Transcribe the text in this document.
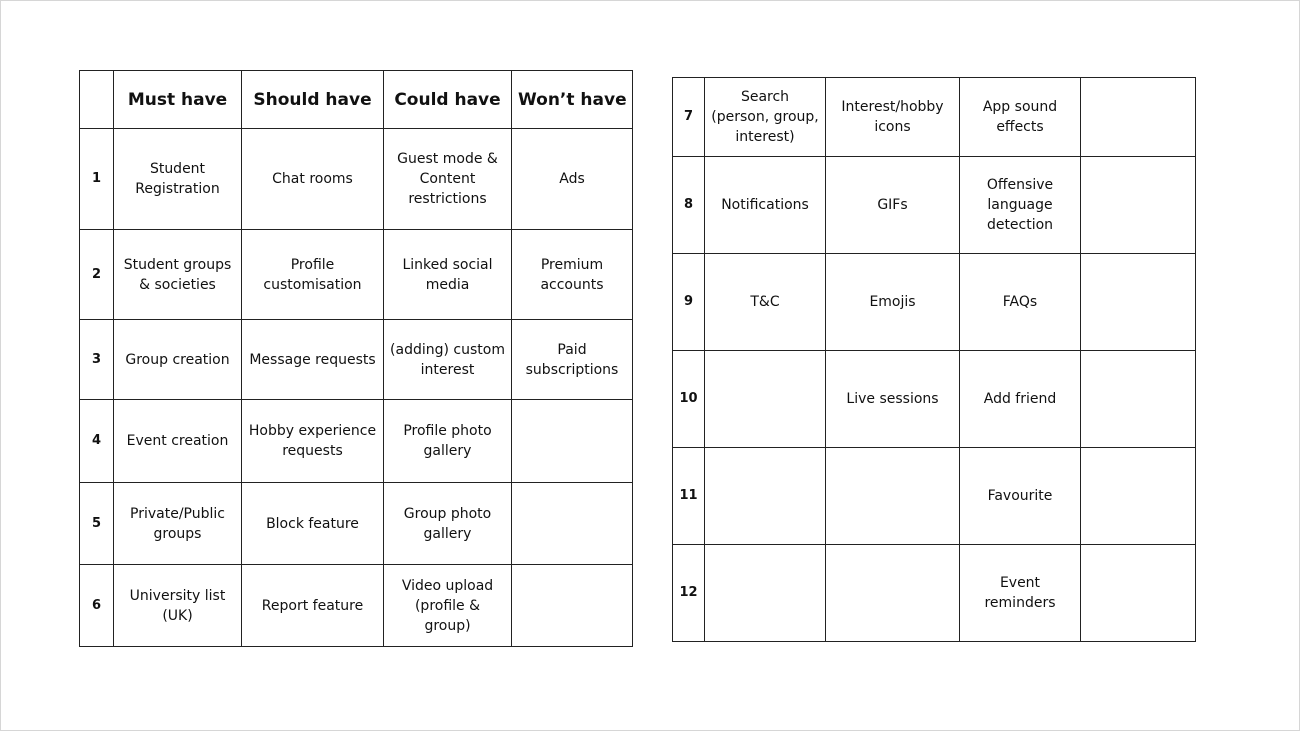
	Must have	Should have	Could have	Won’t have
1	Student Registration	Chat rooms	Guest mode & Content restrictions	Ads
2	Student groups & societies	Profile customisation	Linked social media	Premium accounts
3	Group creation	Message requests	(adding) custom interest	Paid subscriptions
4	Event creation	Hobby experience requests	Profile photo gallery	
5	Private/Public groups	Block feature	Group photo gallery	
6	University list (UK)	Report feature	Video upload (profile & group)	
7	Search (person, group, interest)	Interest/hobby icons	App sound effects	
8	Notifications	GIFs	Offensive language detection	
9	T&C	Emojis	FAQs	
10		Live sessions	Add friend	
11			Favourite	
12			Event reminders	
